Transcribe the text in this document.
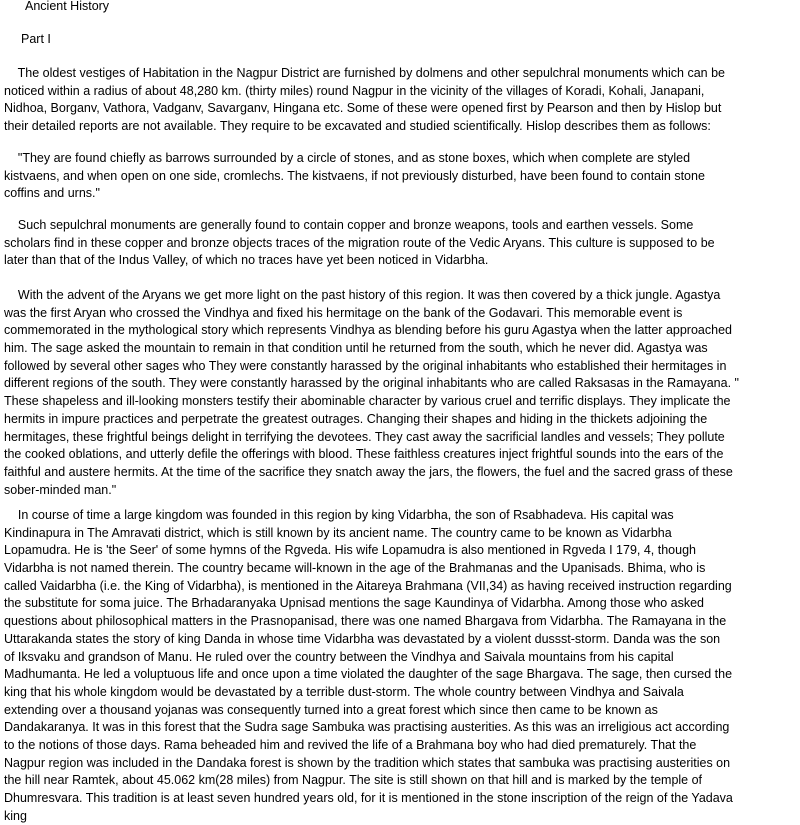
Ancient History
Part I
The oldest vestiges of Habitation in the Nagpur District are furnished by dolmens and other sepulchral monuments which can be
noticed within a radius of about 48,280 km. (thirty miles) round Nagpur in the vicinity of the villages of Koradi, Kohali, Janapani,
Nidhoa, Borganv, Vathora, Vadganv, Savarganv, Hingana etc. Some of these were opened first by Pearson and then by Hislop but
their detailed reports are not available. They require to be excavated and studied scientifically. Hislop describes them as follows:
"They are found chiefly as barrows surrounded by a circle of stones, and as stone boxes, which when complete are styled
kistvaens, and when open on one side, cromlechs. The kistvaens, if not previously disturbed, have been found to contain stone
coffins and urns."
Such sepulchral monuments are generally found to contain copper and bronze weapons, tools and earthen vessels. Some
scholars find in these copper and bronze objects traces of the migration route of the Vedic Aryans. This culture is supposed to be
later than that of the Indus Valley, of which no traces have yet been noticed in Vidarbha.
With the advent of the Aryans we get more light on the past history of this region. It was then covered by a thick jungle. Agastya
was the first Aryan who crossed the Vindhya and fixed his hermitage on the bank of the Godavari. This memorable event is
commemorated in the mythological story which represents Vindhya as blending before his guru Agastya when the latter approached
him. The sage asked the mountain to remain in that condition until he returned from the south, which he never did. Agastya was
followed by several other sages who They were constantly harassed by the original inhabitants who established their hermitages in
different regions of the south. They were constantly harassed by the original inhabitants who are called Raksasas in the Ramayana. "
These shapeless and ill-looking monsters testify their abominable character by various cruel and terrific displays. They implicate the
hermits in impure practices and perpetrate the greatest outrages. Changing their shapes and hiding in the thickets adjoining the
hermitages, these frightful beings delight in terrifying the devotees. They cast away the sacrificial landles and vessels; They pollute
the cooked oblations, and utterly defile the offerings with blood. These faithless creatures inject frightful sounds into the ears of the
faithful and austere hermits. At the time of the sacrifice they snatch away the jars, the flowers, the fuel and the sacred grass of these
sober-minded man."
In course of time a large kingdom was founded in this region by king Vidarbha, the son of Rsabhadeva. His capital was
Kindinapura in The Amravati district, which is still known by its ancient name. The country came to be known as Vidarbha
Lopamudra. He is 'the Seer' of some hymns of the Rgveda. His wife Lopamudra is also mentioned in Rgveda I 179, 4, though
Vidarbha is not named therein. The country became will-known in the age of the Brahmanas and the Upanisads. Bhima, who is
called Vaidarbha (i.e. the King of Vidarbha), is mentioned in the Aitareya Brahmana (VII,34) as having received instruction regarding
the substitute for soma juice. The Brhadaranyaka Upnisad mentions the sage Kaundinya of Vidarbha. Among those who asked
questions about philosophical matters in the Prasnopanisad, there was one named Bhargava from Vidarbha. The Ramayana in the
Uttarakanda states the story of king Danda in whose time Vidarbha was devastated by a violent dussst-storm. Danda was the son
of Iksvaku and grandson of Manu. He ruled over the country between the Vindhya and Saivala mountains from his capital
Madhumanta. He led a voluptuous life and once upon a time violated the daughter of the sage Bhargava. The sage, then cursed the
king that his whole kingdom would be devastated by a terrible dust-storm. The whole country between Vindhya and Saivala
extending over a thousand yojanas was consequently turned into a great forest which since then came to be known as
Dandakaranya. It was in this forest that the Sudra sage Sambuka was practising austerities. As this was an irreligious act according
to the notions of those days. Rama beheaded him and revived the life of a Brahmana boy who had died prematurely. That the
Nagpur region was included in the Dandaka forest is shown by the tradition which states that sambuka was practising austerities on
the hill near Ramtek, about 45.062 km(28 miles) from Nagpur. The site is still shown on that hill and is marked by the temple of
Dhumresvara. This tradition is at least seven hundred years old, for it is mentioned in the stone inscription of the reign of the Yadava
king
